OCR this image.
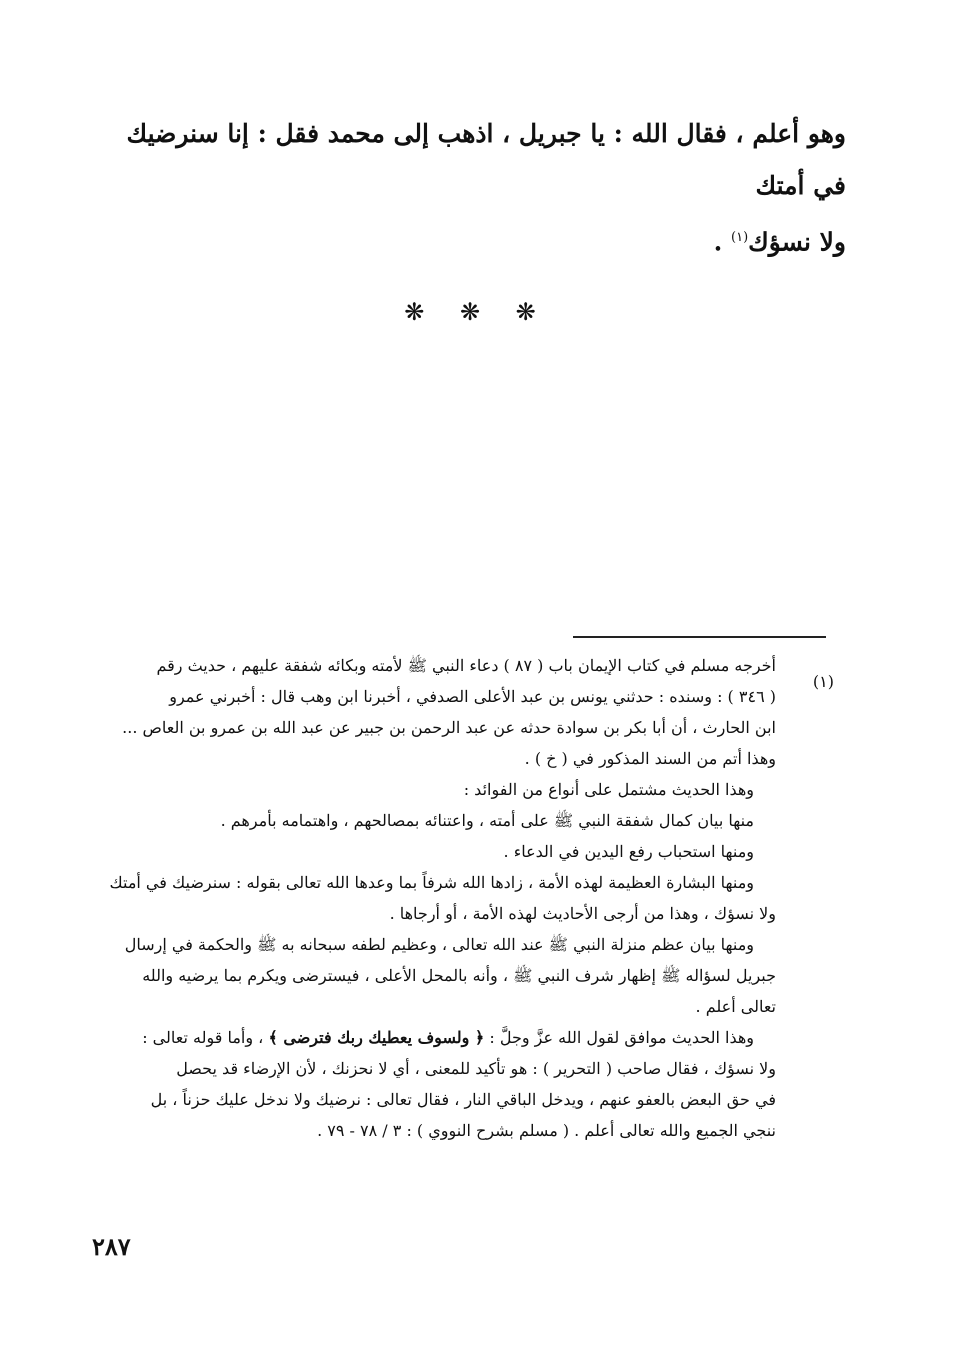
وهو أعلم ، فقال الله : يا جبريل ، اذهب إلى محمد فقل : إنا سنرضيك في أمتك

ولا نسؤك$^{(١)}$ .

❋ ❋ ❋
(١)

أخرجه مسلم في كتاب الإيمان باب ( ٨٧ ) دعاء النبي ﷺ لأمته وبكائه شفقة عليهم ، حديث رقم

( ٣٤٦ ) : وسنده : حدثني يونس بن عبد الأعلى الصدفي ، أخبرنا ابن وهب قال : أخبرني عمرو

ابن الحارث ، أن أبا بكر بن سوادة حدثه عن عبد الرحمن بن جبير عن عبد الله بن عمرو بن العاص ...

وهذا أتم من السند المذكور في ( خ ) .

وهذا الحديث مشتمل على أنواع من الفوائد :

منها بيان كمال شفقة النبي ﷺ على أمته ، واعتنائه بمصالحهم ، واهتمامه بأمرهم .

ومنها استحباب رفع اليدين في الدعاء .

ومنها البشارة العظيمة لهذه الأمة ، زادها الله شرفاً بما وعدها الله تعالى بقوله : سنرضيك في أمتك

ولا نسؤك ، وهذا من أرجى الأحاديث لهذه الأمة ، أو أرجاها .

ومنها بيان عظم منزلة النبي ﷺ عند الله تعالى ، وعظيم لطفه سبحانه به ﷺ والحكمة في إرسال

جبريل لسؤاله ﷺ إظهار شرف النبي ﷺ ، وأنه بالمحل الأعلى ، فيسترضى ويكرم بما يرضيه والله

تعالى أعلم .

وهذا الحديث موافق لقول الله عزَّ وجلَّ : ﴿ ولسوف يعطيك ربك فترضى ﴾ ، وأما قوله تعالى :

ولا نسؤك ، فقال صاحب ( التحرير ) : هو تأكيد للمعنى ، أي لا نحزنك ، لأن الإرضاء قد يحصل

في حق البعض بالعفو عنهم ، ويدخل الباقي النار ، فقال تعالى : نرضيك ولا ندخل عليك حزناً ، بل

ننجي الجميع والله تعالى أعلم . ( مسلم بشرح النووي ) : ٣ / ٧٨ - ٧٩ .

٢٨٧
